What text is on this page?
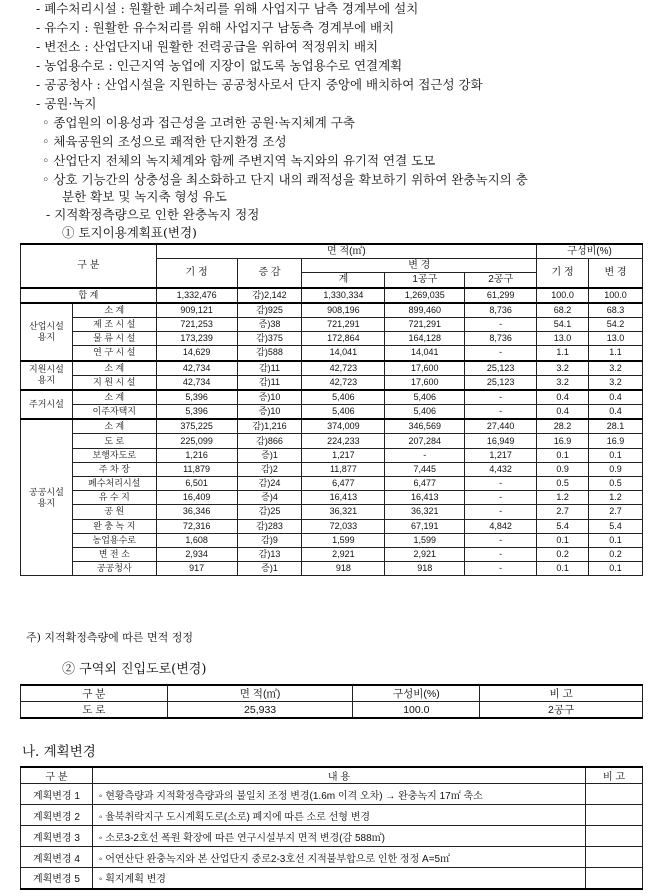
- 폐수처리시설 : 원활한 폐수처리를 위해 사업지구 남측 경계부에 설치
- 유수지 : 원활한 유수처리를 위해 사업지구 남동측 경계부에 배치
- 변전소 : 산업단지내 원활한 전력공급을 위하여 적정위치 배치
- 농업용수로 : 인근지역 농업에 지장이 없도록 농업용수로 연결계획
- 공공청사 : 산업시설을 지원하는 공공청사로서 단지 중앙에 배치하여 접근성 강화
- 공원·녹지
◦ 종업원의 이용성과 접근성을 고려한 공원·녹지체계 구축
◦ 체육공원의 조성으로 쾌적한 단지환경 조성
◦ 산업단지 전체의 녹지체계와 함께 주변지역 녹지와의 유기적 연결 도모
◦ 상호 기능간의 상충성을 최소화하고 단지 내의 쾌적성을 확보하기 위하여 완충녹지의 충
분한 확보 및 녹지축 형성 유도
- 지적확정측량으로 인한 완충녹지 정정
① 토지이용계획표(변경)
구 분		면 적(㎡)					구성비(%)	
		기 정	증 감	변 경			기 정	변 경
				계	1공구	2공구		
합 계		1,332,476	감)2,142	1,330,334	1,269,035	61,299	100.0	100.0
산업시설
용지	소 계	909,121	감)925	908,196	899,460	8,736	68.2	68.3
	제 조 시 설	721,253	증)38	721,291	721,291	-	54.1	54.2
	물 류 시 설	173,239	감)375	172,864	164,128	8,736	13.0	13.0
	연 구 시 설	14,629	감)588	14,041	14,041	-	1.1	1.1
지원시설
용지	소 계	42,734	감)11	42,723	17,600	25,123	3.2	3.2
	지 원 시 설	42,734	감)11	42,723	17,600	25,123	3.2	3.2
주거시설	소 계	5,396	증)10	5,406	5,406	-	0.4	0.4
	이주자택지	5,396	증)10	5,406	5,406	-	0.4	0.4
공공시설
용지	소 계	375,225	감)1,216	374,009	346,569	27,440	28.2	28.1
	도 로	225,099	감)866	224,233	207,284	16,949	16.9	16.9
	보행자도로	1,216	증)1	1,217	-	1,217	0.1	0.1
	주 차 장	11,879	감)2	11,877	7,445	4,432	0.9	0.9
	폐수처리시설	6,501	감)24	6,477	6,477	-	0.5	0.5
	유 수 지	16,409	증)4	16,413	16,413	-	1.2	1.2
	공 원	36,346	감)25	36,321	36,321	-	2.7	2.7
	완 충 녹 지	72,316	감)283	72,033	67,191	4,842	5.4	5.4
	농업용수로	1,608	감)9	1,599	1,599	-	0.1	0.1
	변 전 소	2,934	감)13	2,921	2,921	-	0.2	0.2
	공공청사	917	증)1	918	918	-	0.1	0.1
주) 지적확정측량에 따른 면적 정정
② 구역외 진입도로(변경)
구 분	면 적(㎡)	구성비(%)	비 고
도 로	25,933	100.0	2공구
나. 계획변경
구 분	내 용	비 고
계획변경 1	◦ 현황측량과 지적확정측량과의 불일치 조정 변경(1.6m 이격 오차) → 완충녹지 17㎡ 축소	
계획변경 2	◦ 율북취락지구 도시계획도로(소로) 폐지에 따른 소로 선형 변경	
계획변경 3	◦ 소로3-2호선 폭원 확장에 따른 연구시설부지 면적 변경(감 588㎡)	
계획변경 4	◦ 어연산단 완충녹지와 본 산업단지 중로2-3호선 지적불부합으로 인한 정정 A=5㎡	
계획변경 5	◦ 획지계획 변경	
